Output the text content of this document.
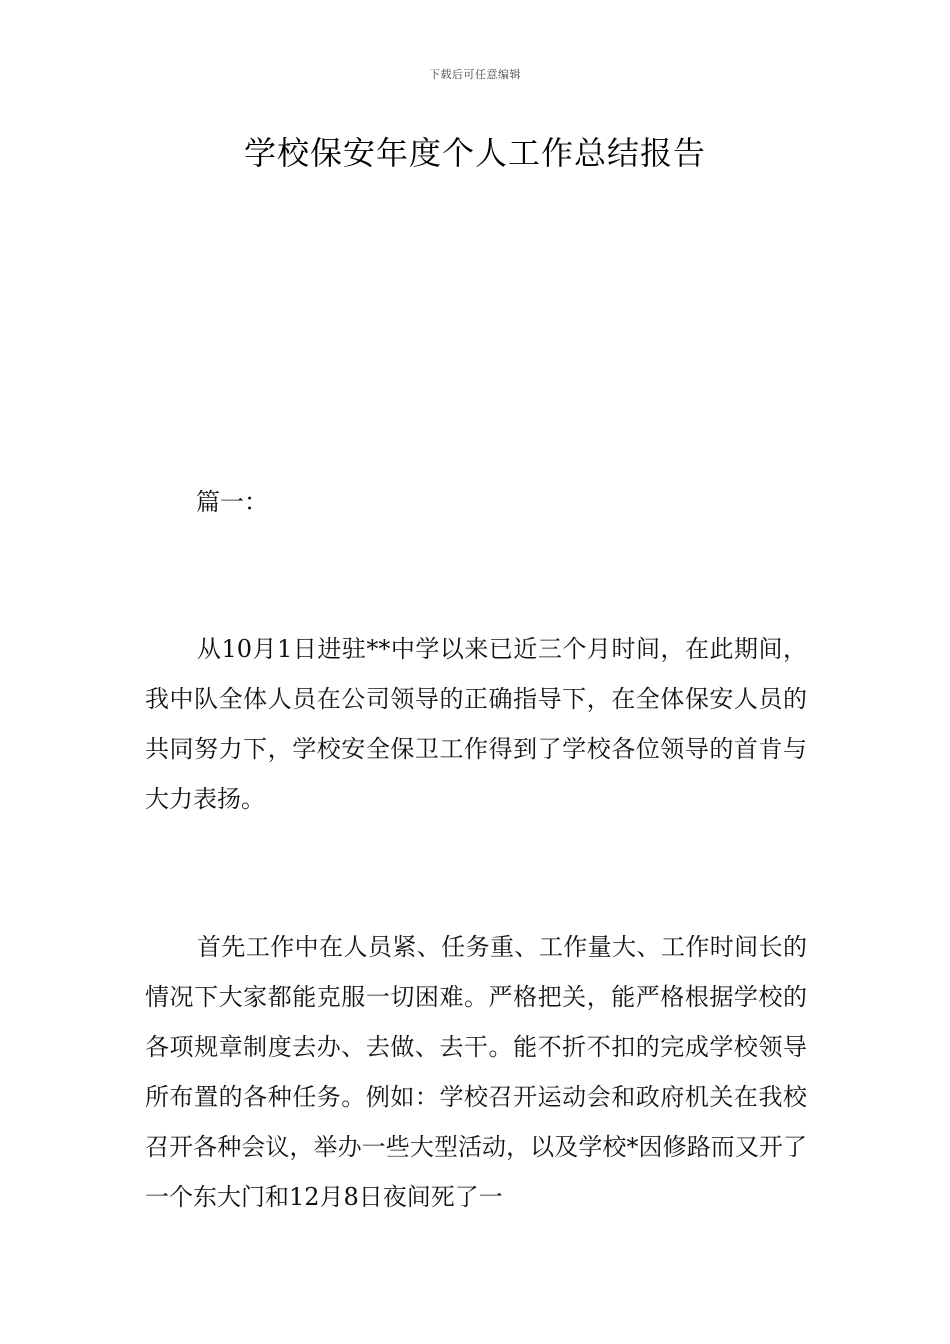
下载后可任意编辑
学校保安年度个人工作总结报告

篇一：

从10月1日进驻**中学以来已近三个月时间，在此期间，我中队全体人员在公司领导的正确指导下，在全体保安人员的共同努力下，学校安全保卫工作得到了学校各位领导的首肯与大力表扬。

首先工作中在人员紧、任务重、工作量大、工作时间长的情况下大家都能克服一切困难。严格把关，能严格根据学校的各项规章制度去办、去做、去干。能不折不扣的完成学校领导所布置的各种任务。例如：学校召开运动会和政府机关在我校召开各种会议，举办一些大型活动，以及学校*因修路而又开了一个东大门和12月8日夜间死了一
